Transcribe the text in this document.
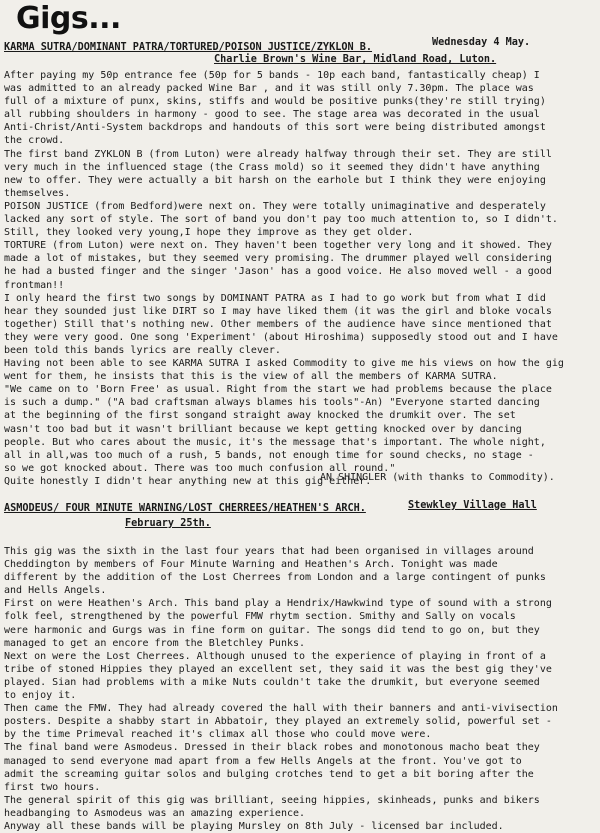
Gigs...
KARMA SUTRA/DOMINANT PATRA/TORTURED/POISON JUSTICE/ZYKLON B.	Wednesday 4 May.
Charlie Brown's Wine Bar, Midland Road, Luton.
After paying my 50p entrance fee (50p for 5 bands - 10p each band, fantastically cheap) I
was admitted to an already packed Wine Bar , and it was still only 7.30pm. The place was
full of a mixture of punx, skins, stiffs and would be positive punks(they're still trying)
all rubbing shoulders in harmony - good to see. The stage area was decorated in the usual
Anti-Christ/Anti-System backdrops and handouts of this sort were being distributed amongst
the crowd.
The first band ZYKLON B (from Luton) were already halfway through their set. They are still
very much in the influenced stage (the Crass mold) so it seemed they didn't have anything
new to offer. They were actually a bit harsh on the earhole but I think they were enjoying
themselves.
POISON JUSTICE (from Bedford)were next on. They were totally unimaginative and desperately
lacked any sort of style. The sort of band you don't pay too much attention to, so I didn't.
Still, they looked very young,I hope they improve as they get older.
TORTURE (from Luton) were next on. They haven't been together very long and it showed. They
made a lot of mistakes, but they seemed very promising. The drummer played well considering
he had a busted finger and the singer 'Jason' has a good voice. He also moved well - a good
frontman!!
I only heard the first two songs by DOMINANT PATRA as I had to go work but from what I did
hear they sounded just like DIRT so I may have liked them (it was the girl and bloke vocals
together) Still that's nothing new. Other members of the audience have since mentioned that
they were very good. One song 'Experiment' (about Hiroshima) supposedly stood out and I have
been told this bands lyrics are really clever.
Having not been able to see KARMA SUTRA I asked Commodity to give me his views on how the gig
went for them, he insists that this is the view of all the members of KARMA SUTRA.
"We came on to 'Born Free' as usual. Right from the start we had problems because the place
is such a dump." ("A bad craftsman always blames his tools"-An) "Everyone started dancing
at the beginning of the first songand straight away knocked the drumkit over. The set
wasn't too bad but it wasn't brilliant because we kept getting knocked over by dancing
people. But who cares about the music, it's the message that's important. The whole night,
all in all,was too much of a rush, 5 bands, not enough time for sound checks, no stage -
so we got knocked about. There was too much confusion all round."
Quite honestly I didn't hear anything new at this gig either.
AN SHINGLER (with thanks to Commodity).
ASMODEUS/ FOUR MINUTE WARNING/LOST CHERREES/HEATHEN'S ARCH.	Stewkley Village Hall
February 25th.
This gig was the sixth in the last four years that had been organised in villages around
Cheddington by members of Four Minute Warning and Heathen's Arch. Tonight was made
different by the addition of the Lost Cherrees from London and a large contingent of punks
and Hells Angels.
First on were Heathen's Arch. This band play a Hendrix/Hawkwind type of sound with a strong
folk feel, strengthened by the powerful FMW rhytm section. Smithy and Sally on vocals
were harmonic and Gurgs was in fine form on guitar. The songs did tend to go on, but they
managed to get an encore from the Bletchley Punks.
Next on were the Lost Cherrees. Although unused to the experience of playing in front of a
tribe of stoned Hippies they played an excellent set, they said it was the best gig they've
played. Sian had problems with a mike Nuts couldn't take the drumkit, but everyone seemed
to enjoy it.
Then came the FMW. They had already covered the hall with their banners and anti-vivisection
posters. Despite a shabby start in Abbatoir, they played an extremely solid, powerful set -
by the time Primeval reached it's climax all those who could move were.
The final band were Asmodeus. Dressed in their black robes and monotonous macho beat they
managed to send everyone mad apart from a few Hells Angels at the front. You've got to
admit the screaming guitar solos and bulging crotches tend to get a bit boring after the
first two hours.
The general spirit of this gig was brilliant, seeing hippies, skinheads, punks and bikers
headbanging to Asmodeus was an amazing experience.
Anyway all these bands will be playing Mursley on 8th July - licensed bar included.
